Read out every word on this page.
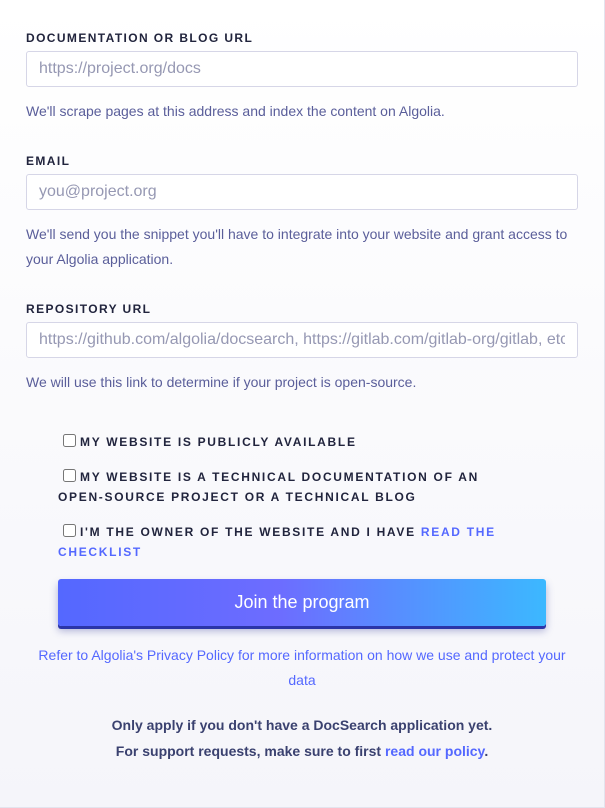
DOCUMENTATION OR BLOG URL
https://project.org/docs
We'll scrape pages at this address and index the content on Algolia.
EMAIL
you@project.org
We'll send you the snippet you'll have to integrate into your website and grant access to your Algolia application.
REPOSITORY URL
https://github.com/algolia/docsearch, https://gitlab.com/gitlab-org/gitlab, etc
We will use this link to determine if your project is open-source.
MY WEBSITE IS PUBLICLY AVAILABLE
MY WEBSITE IS A TECHNICAL DOCUMENTATION OF AN OPEN-SOURCE PROJECT OR A TECHNICAL BLOG
I'M THE OWNER OF THE WEBSITE AND I HAVE READ THE CHECKLIST
Join the program
Refer to Algolia's Privacy Policy for more information on how we use and protect your data
Only apply if you don't have a DocSearch application yet.
For support requests, make sure to first read our policy.
